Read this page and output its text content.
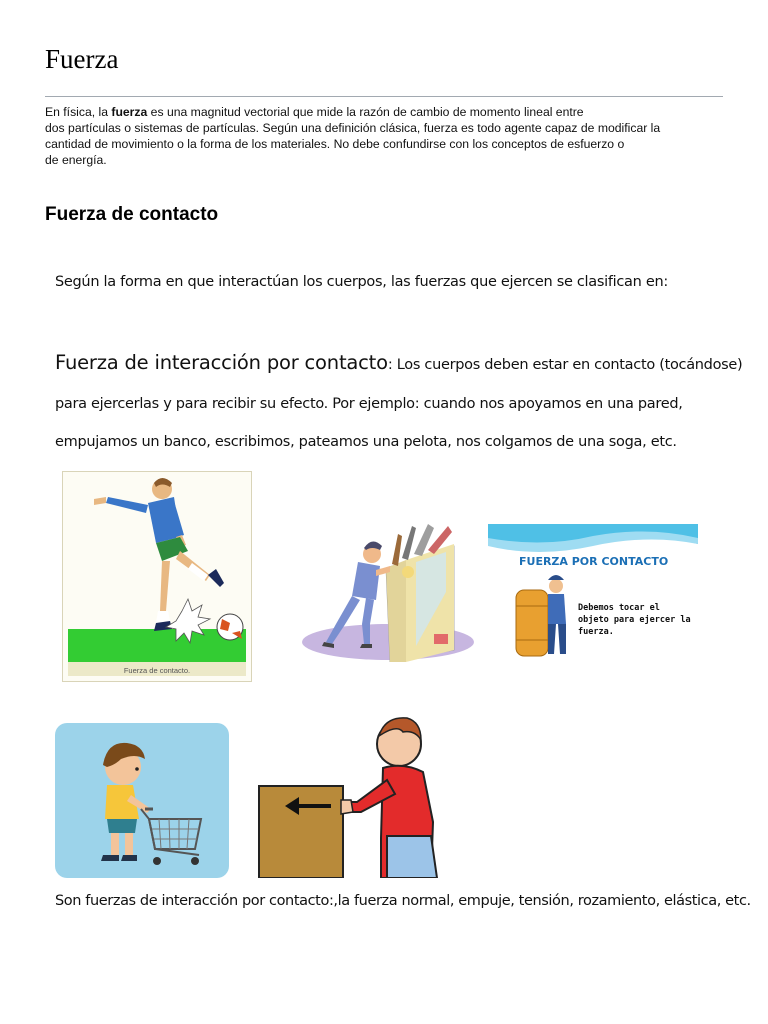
Fuerza

En física, la fuerza es una magnitud vectorial que mide la razón de cambio de momento lineal entre
dos partículas o sistemas de partículas. Según una definición clásica, fuerza es todo agente capaz de modificar la
cantidad de movimiento o la forma de los materiales. No debe confundirse con los conceptos de esfuerzo o
de energía.

Fuerza de contacto

Según la forma en que interactúan los cuerpos, las fuerzas que ejercen se clasifican en:

Fuerza de interacción por contacto: Los cuerpos deben estar en contacto (tocándose)
para ejercerlas y para recibir su efecto. Por ejemplo: cuando nos apoyamos en una pared,
empujamos un banco, escribimos, pateamos una pelota, nos colgamos de una soga, etc.

Fuerza de contacto.
FUERZA POR CONTACTO
Debemos tocar el
objeto para ejercer la
fuerza.

Son fuerzas de interacción por contacto:,la fuerza normal, empuje, tensión, rozamiento, elástica, etc.
